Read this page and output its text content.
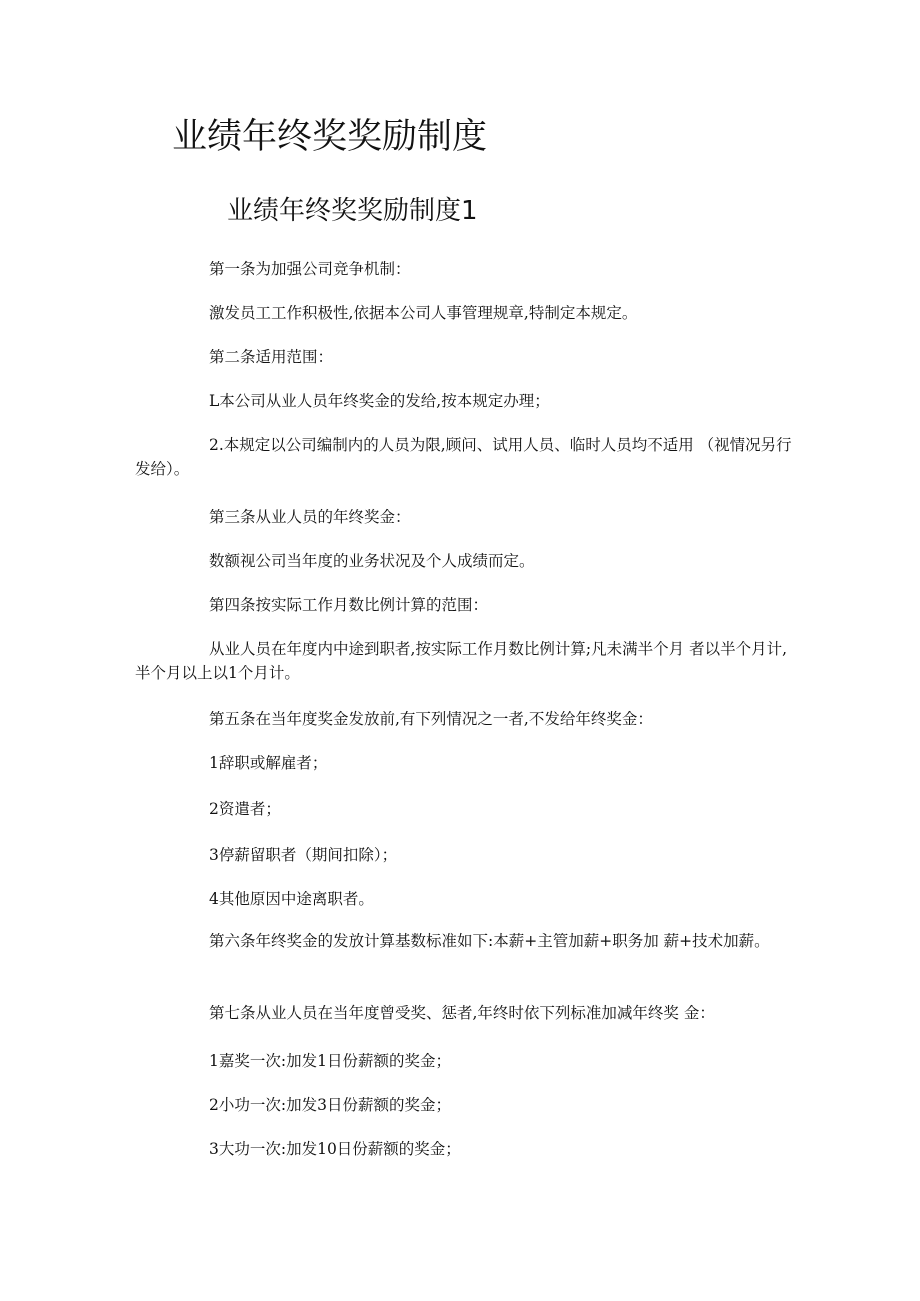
业绩年终奖奖励制度
业绩年终奖奖励制度1

第一条为加强公司竞争机制：

激发员工工作积极性,依据本公司人事管理规章,特制定本规定。

第二条适用范围：

L本公司从业人员年终奖金的发给,按本规定办理；

2.本规定以公司编制内的人员为限,顾问、试用人员、临时人员均不适用 （视情况另行发给）。

第三条从业人员的年终奖金：

数额视公司当年度的业务状况及个人成绩而定。

第四条按实际工作月数比例计算的范围：

从业人员在年度内中途到职者,按实际工作月数比例计算;凡未满半个月 者以半个月计,半个月以上以1个月计。

第五条在当年度奖金发放前,有下列情况之一者,不发给年终奖金：

1辞职或解雇者；

2资遣者；

3停薪留职者（期间扣除）；

4其他原因中途离职者。

第六条年终奖金的发放计算基数标准如下:本薪+主管加薪+职务加 薪+技术加薪。

第七条从业人员在当年度曾受奖、惩者,年终时依下列标准加减年终奖 金：

1嘉奖一次:加发1日份薪额的奖金；

2小功一次:加发3日份薪额的奖金；

3大功一次:加发10日份薪额的奖金；
